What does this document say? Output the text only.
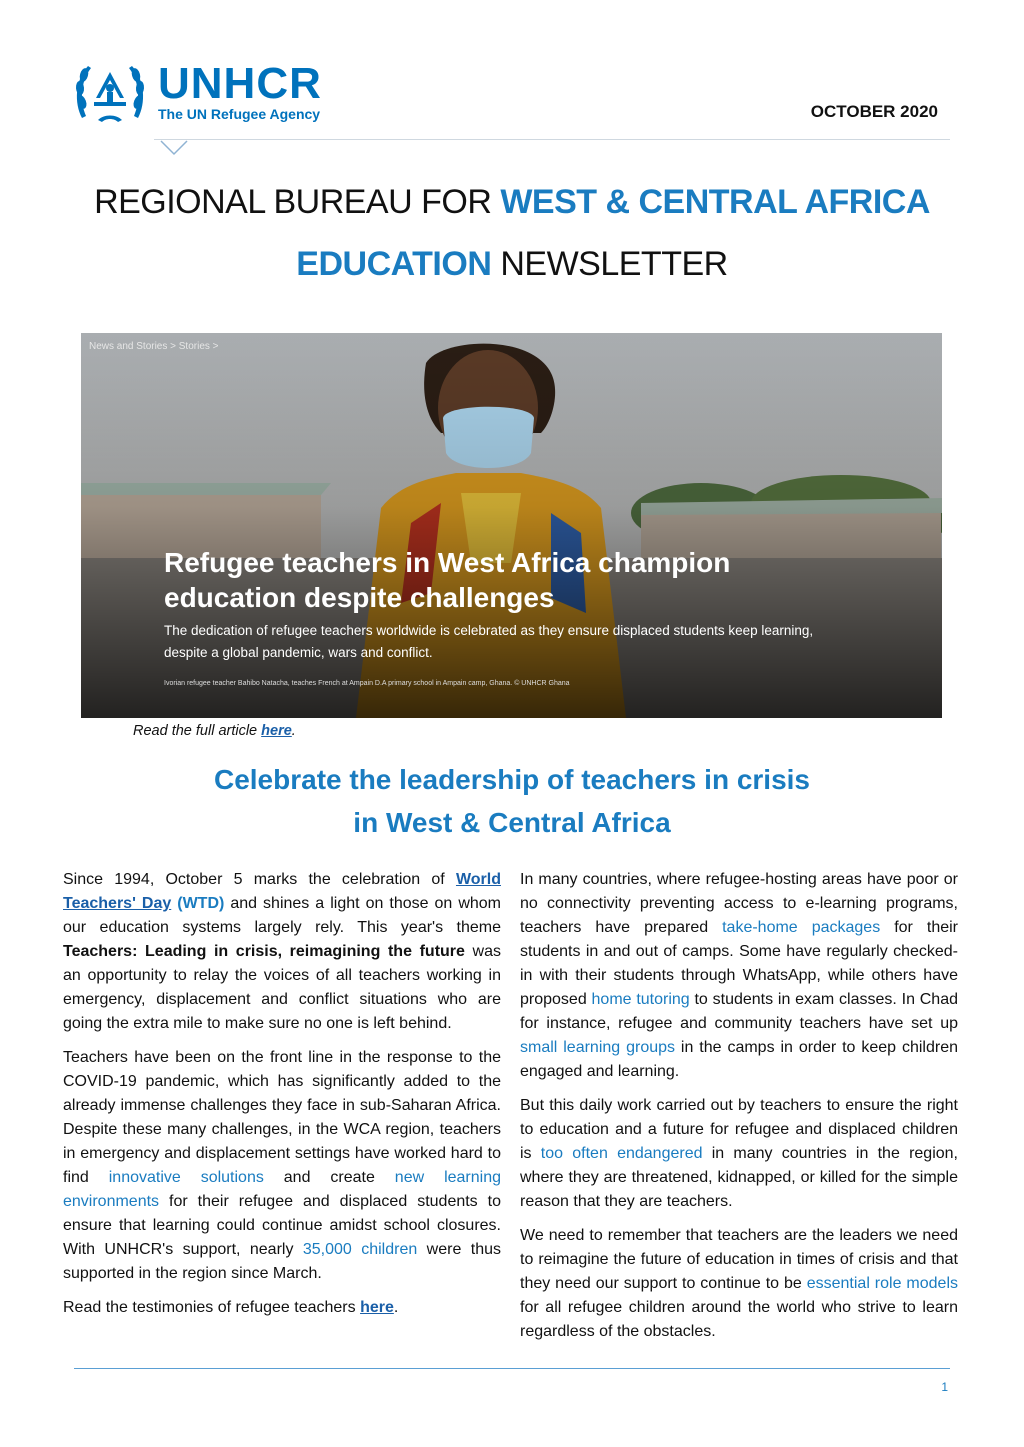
UNHCR
The UN Refugee Agency	OCTOBER 2020
REGIONAL BUREAU FOR WEST & CENTRAL AFRICA
EDUCATION NEWSLETTER
News and Stories > Stories >
Refugee teachers in West Africa champion education despite challenges
The dedication of refugee teachers worldwide is celebrated as they ensure displaced students keep learning, despite a global pandemic, wars and conflict.
Ivorian refugee teacher Bahibo Natacha, teaches French at Ampain D.A primary school in Ampain camp, Ghana. © UNHCR Ghana
Read the full article here.
Celebrate the leadership of teachers in crisis
in West & Central Africa

Since 1994, October 5 marks the celebration of World Teachers' Day (WTD) and shines a light on those on whom our education systems largely rely. This year's theme Teachers: Leading in crisis, reimagining the future was an opportunity to relay the voices of all teachers working in emergency, displacement and conflict situations who are going the extra mile to make sure no one is left behind.

Teachers have been on the front line in the response to the COVID-19 pandemic, which has significantly added to the already immense challenges they face in sub-Saharan Africa. Despite these many challenges, in the WCA region, teachers in emergency and displacement settings have worked hard to find innovative solutions and create new learning environments for their refugee and displaced students to ensure that learning could continue amidst school closures. With UNHCR's support, nearly 35,000 children were thus supported in the region since March.

Read the testimonies of refugee teachers here.

In many countries, where refugee-hosting areas have poor or no connectivity preventing access to e-learning programs, teachers have prepared take-home packages for their students in and out of camps. Some have regularly checked-in with their students through WhatsApp, while others have proposed home tutoring to students in exam classes. In Chad for instance, refugee and community teachers have set up small learning groups in the camps in order to keep children engaged and learning.

But this daily work carried out by teachers to ensure the right to education and a future for refugee and displaced children is too often endangered in many countries in the region, where they are threatened, kidnapped, or killed for the simple reason that they are teachers.

We need to remember that teachers are the leaders we need to reimagine the future of education in times of crisis and that they need our support to continue to be essential role models for all refugee children around the world who strive to learn regardless of the obstacles.

1
